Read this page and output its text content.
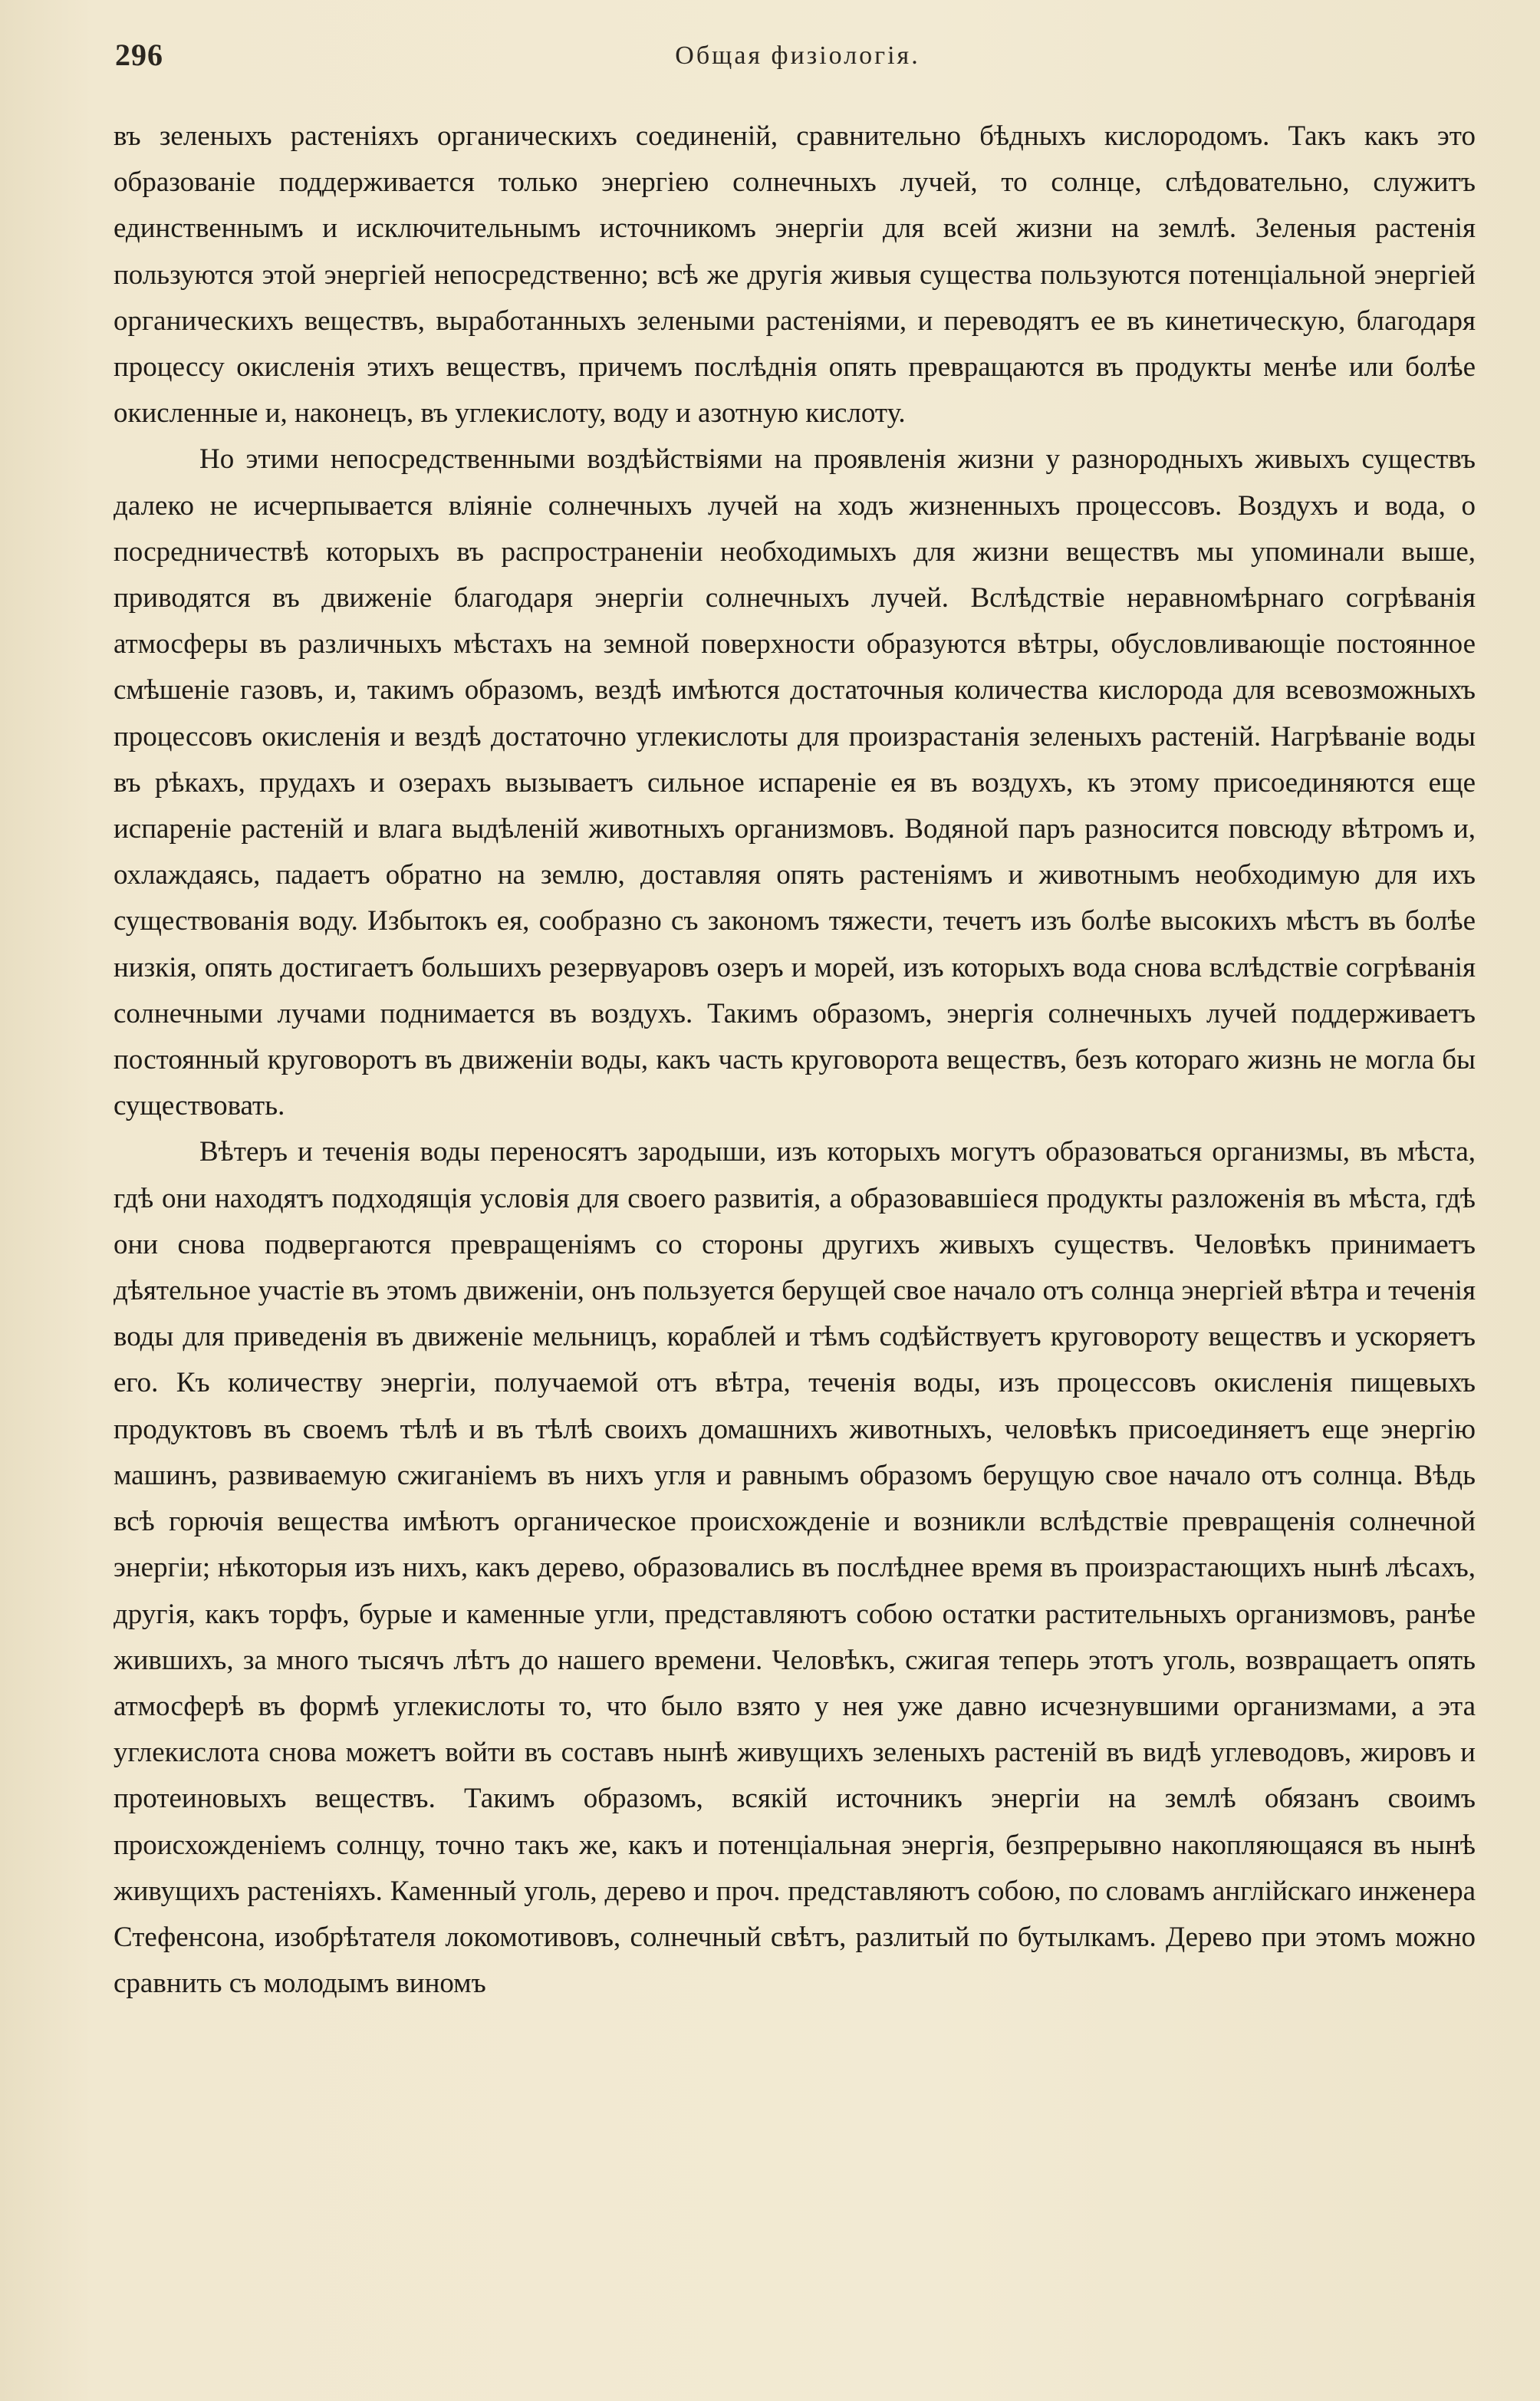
296	Общая физiологiя.

въ зеленыхъ растенiяхъ органическихъ соединенiй, сравнительно бѣдныхъ кислородомъ. Такъ какъ это образованiе поддерживается только энергiею солнечныхъ лучей, то солнце, слѣдовательно, служитъ единственнымъ и исключительнымъ источникомъ энергiи для всей жизни на землѣ. Зеленыя растенiя пользуются этой энергiей непосредственно; всѣ же другiя живыя существа пользуются потенцiальной энергiей органическихъ веществъ, выработанныхъ зелеными растенiями, и переводятъ ее въ кинетическую, благодаря процессу окисленiя этихъ веществъ, причемъ послѣднiя опять превращаются въ продукты менѣе или болѣе окисленные и, наконецъ, въ углекислоту, воду и азотную кислоту.

Но этими непосредственными воздѣйствiями на проявленiя жизни у разнородныхъ живыхъ существъ далеко не исчерпывается влiянiе солнечныхъ лучей на ходъ жизненныхъ процессовъ. Воздухъ и вода, о посредничествѣ которыхъ въ распространенiи необходимыхъ для жизни веществъ мы упоминали выше, приводятся въ движенiе благодаря энергiи солнечныхъ лучей. Вслѣдствiе неравномѣрнаго согрѣванiя атмосферы въ различныхъ мѣстахъ на земной поверхности образуются вѣтры, обусловливающiе постоянное смѣшенiе газовъ, и, такимъ образомъ, вездѣ имѣются достаточныя количества кислорода для всевозможныхъ процессовъ окисленiя и вездѣ достаточно углекислоты для произрастанiя зеленыхъ растенiй. Нагрѣванiе воды въ рѣкахъ, прудахъ и озерахъ вызываетъ сильное испаренiе ея въ воздухъ, къ этому присоединяются еще испаренiе растенiй и влага выдѣленiй животныхъ организмовъ. Водяной паръ разносится повсюду вѣтромъ и, охлаждаясь, падаетъ обратно на землю, доставляя опять растенiямъ и животнымъ необходимую для ихъ существованiя воду. Избытокъ ея, сообразно съ закономъ тяжести, течетъ изъ болѣе высокихъ мѣстъ въ болѣе низкiя, опять достигаетъ большихъ резервуаровъ озеръ и морей, изъ которыхъ вода снова вслѣдствiе согрѣванiя солнечными лучами поднимается въ воздухъ. Такимъ образомъ, энергiя солнечныхъ лучей поддерживаетъ постоянный круговоротъ въ движенiи воды, какъ часть круговорота веществъ, безъ котораго жизнь не могла бы существовать.

Вѣтеръ и теченiя воды переносятъ зародыши, изъ которыхъ могутъ образоваться организмы, въ мѣста, гдѣ они находятъ подходящiя условiя для своего развитiя, а образовавшiеся продукты разложенiя въ мѣста, гдѣ они снова подвергаются превращенiямъ со стороны другихъ живыхъ существъ. Человѣкъ принимаетъ дѣятельное участiе въ этомъ движенiи, онъ пользуется берущей свое начало отъ солнца энергiей вѣтра и теченiя воды для приведенiя въ движенiе мельницъ, кораблей и тѣмъ содѣйствуетъ круговороту веществъ и ускоряетъ его. Къ количеству энергiи, получаемой отъ вѣтра, теченiя воды, изъ процессовъ окисленiя пищевыхъ продуктовъ въ своемъ тѣлѣ и въ тѣлѣ своихъ домашнихъ животныхъ, человѣкъ присоединяетъ еще энергiю машинъ, развиваемую сжиганiемъ въ нихъ угля и равнымъ образомъ берущую свое начало отъ солнца. Вѣдь всѣ горючiя вещества имѣютъ органическое происхожденiе и возникли вслѣдствiе превращенiя солнечной энергiи; нѣкоторыя изъ нихъ, какъ дерево, образовались въ послѣднее время въ произрастающихъ нынѣ лѣсахъ, другiя, какъ торфъ, бурые и каменные угли, представляютъ собою остатки растительныхъ организмовъ, ранѣе жившихъ, за много тысячъ лѣтъ до нашего времени. Человѣкъ, сжигая теперь этотъ уголь, возвращаетъ опять атмосферѣ въ формѣ углекислоты то, что было взято у нея уже давно исчезнувшими организмами, а эта углекислота снова можетъ войти въ составъ нынѣ живущихъ зеленыхъ растенiй въ видѣ углеводовъ, жировъ и протеиновыхъ веществъ. Такимъ образомъ, всякiй источникъ энергiи на землѣ обязанъ своимъ происхожденiемъ солнцу, точно такъ же, какъ и потенцiальная энергiя, безпрерывно накопляющаяся въ нынѣ живущихъ растенiяхъ. Каменный уголь, дерево и проч. представляютъ собою, по словамъ англiйскаго инженера Стефенсона, изобрѣтателя локомотивовъ, солнечный свѣтъ, разлитый по бутылкамъ. Дерево при этомъ можно сравнить съ молодымъ виномъ
